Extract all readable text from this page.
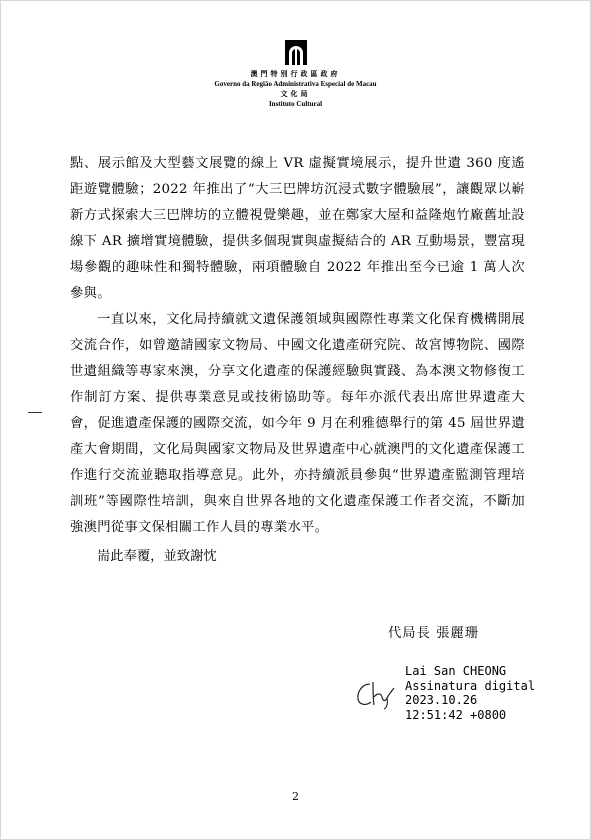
澳門特別行政區政府
Governo da Região Administrativa Especial de Macau
文化局
Instituto Cultural

點、展示館及大型藝文展覽的線上 VR 虛擬實境展示，提升世遺 360 度遙距遊覽體驗；2022 年推出了“大三巴牌坊沉浸式數字體驗展”，讓觀眾以嶄新方式探索大三巴牌坊的立體視覺樂趣，並在鄭家大屋和益隆炮竹廠舊址設線下 AR 擴增實境體驗，提供多個現實與虛擬結合的 AR 互動場景，豐富現場參觀的趣味性和獨特體驗，兩項體驗自 2022 年推出至今已逾 1 萬人次參與。

一直以來，文化局持續就文遺保護領域與國際性專業文化保育機構開展交流合作，如曾邀請國家文物局、中國文化遺產研究院、故宮博物院、國際世遺組織等專家來澳，分享文化遺產的保護經驗與實踐、為本澳文物修復工作制訂方案、提供專業意見或技術協助等。每年亦派代表出席世界遺產大會，促進遺產保護的國際交流，如今年 9 月在利雅德舉行的第 45 屆世界遺產大會期間，文化局與國家文物局及世界遺產中心就澳門的文化遺產保護工作進行交流並聽取指導意見。此外，亦持續派員參與“世界遺產監測管理培訓班”等國際性培訓，與來自世界各地的文化遺產保護工作者交流，不斷加強澳門從事文保相關工作人員的專業水平。

耑此奉覆，並致謝忱

代局長 張麗珊
Lai San CHEONG
Assinatura digital
2023.10.26
12:51:42 +0800
2
